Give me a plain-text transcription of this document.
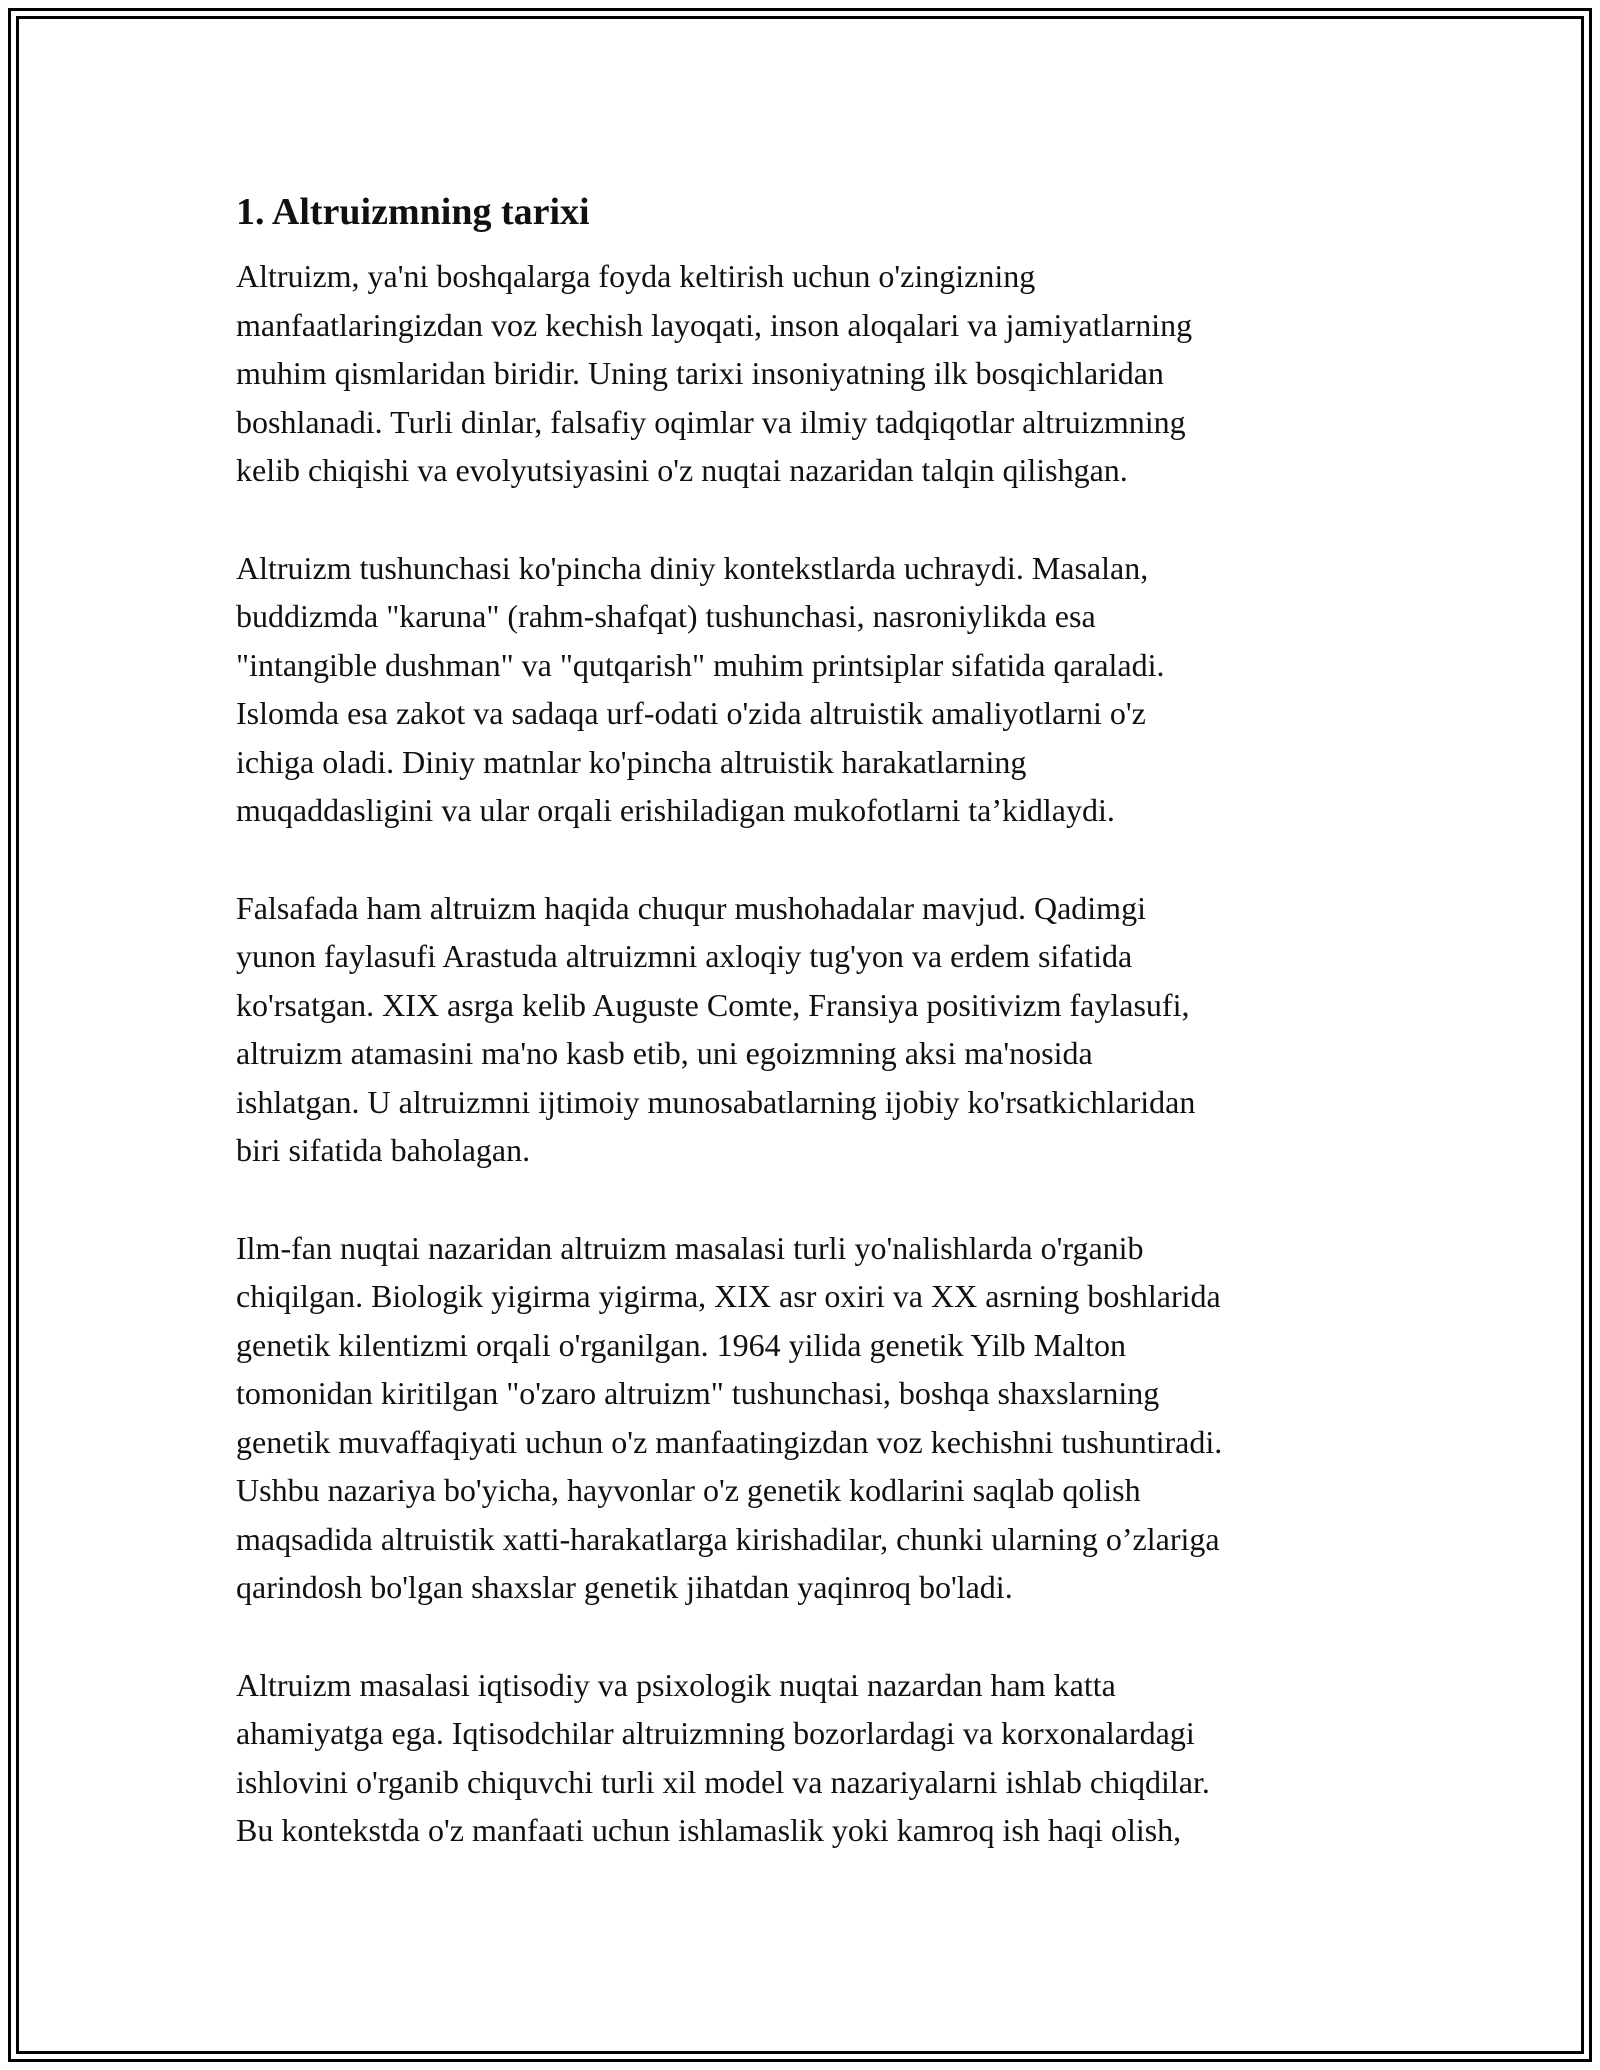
1. Altruizmning tarixi
Altruizm, ya'ni boshqalarga foyda keltirish uchun o'zingizning
manfaatlaringizdan voz kechish layoqati, inson aloqalari va jamiyatlarning
muhim qismlaridan biridir. Uning tarixi insoniyatning ilk bosqichlaridan
boshlanadi. Turli dinlar, falsafiy oqimlar va ilmiy tadqiqotlar altruizmning
kelib chiqishi va evolyutsiyasini o'z nuqtai nazaridan talqin qilishgan.
Altruizm tushunchasi ko'pincha diniy kontekstlarda uchraydi. Masalan,
buddizmda "karuna" (rahm-shafqat) tushunchasi, nasroniylikda esa
"intangible dushman" va "qutqarish" muhim printsiplar sifatida qaraladi.
Islomda esa zakot va sadaqa urf-odati o'zida altruistik amaliyotlarni o'z
ichiga oladi. Diniy matnlar ko'pincha altruistik harakatlarning
muqaddasligini va ular orqali erishiladigan mukofotlarni ta’kidlaydi.
Falsafada ham altruizm haqida chuqur mushohadalar mavjud. Qadimgi
yunon faylasufi Arastuda altruizmni axloqiy tug'yon va erdem sifatida
ko'rsatgan. XIX asrga kelib Auguste Comte, Fransiya positivizm faylasufi,
altruizm atamasini ma'no kasb etib, uni egoizmning aksi ma'nosida
ishlatgan. U altruizmni ijtimoiy munosabatlarning ijobiy ko'rsatkichlaridan
biri sifatida baholagan.
Ilm-fan nuqtai nazaridan altruizm masalasi turli yo'nalishlarda o'rganib
chiqilgan. Biologik yigirma yigirma, XIX asr oxiri va XX asrning boshlarida
genetik kilentizmi orqali o'rganilgan. 1964 yilida genetik Yilb Malton
tomonidan kiritilgan "o'zaro altruizm" tushunchasi, boshqa shaxslarning
genetik muvaffaqiyati uchun o'z manfaatingizdan voz kechishni tushuntiradi.
Ushbu nazariya bo'yicha, hayvonlar o'z genetik kodlarini saqlab qolish
maqsadida altruistik xatti-harakatlarga kirishadilar, chunki ularning o’zlariga
qarindosh bo'lgan shaxslar genetik jihatdan yaqinroq bo'ladi.
Altruizm masalasi iqtisodiy va psixologik nuqtai nazardan ham katta
ahamiyatga ega. Iqtisodchilar altruizmning bozorlardagi va korxonalardagi
ishlovini o'rganib chiquvchi turli xil model va nazariyalarni ishlab chiqdilar.
Bu kontekstda o'z manfaati uchun ishlamaslik yoki kamroq ish haqi olish,
